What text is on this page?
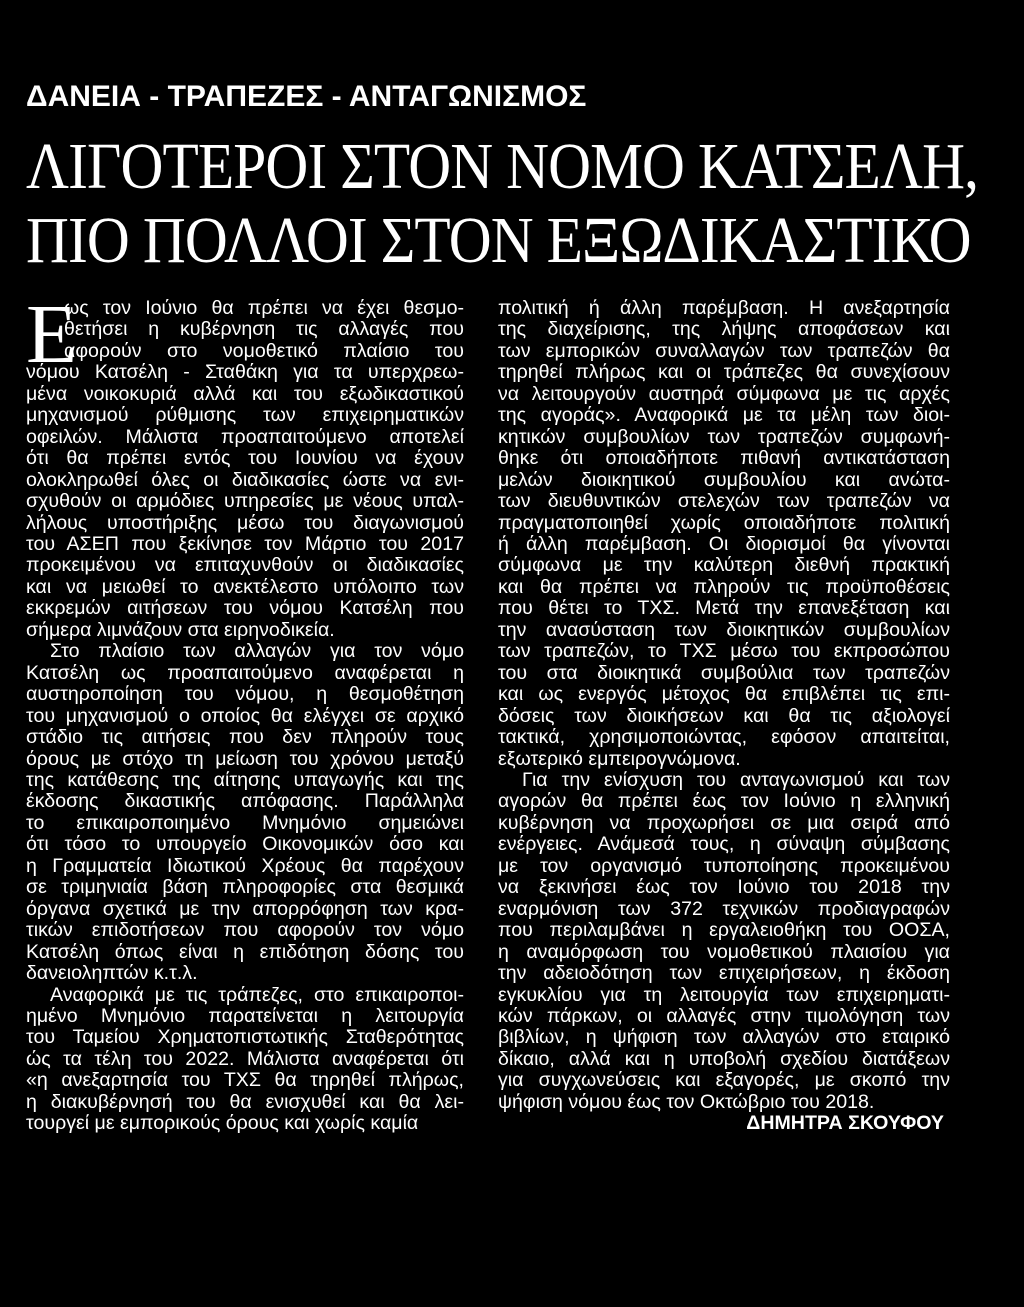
ΔΑΝΕΙΑ - ΤΡΑΠΕΖΕΣ - ΑΝΤΑΓΩΝΙΣΜΟΣ
ΛΙΓΟΤΕΡΟΙ ΣΤΟΝ ΝΟΜΟ ΚΑΤΣΕΛΗ,
ΠΙΟ ΠΟΛΛΟΙ ΣΤΟΝ ΕΞΩΔΙΚΑΣΤΙΚΟ
Ε
ως τον Ιούνιο θα πρέπει να έχει θεσμο-
θετήσει η κυβέρνηση τις αλλαγές που
αφορούν στο νομοθετικό πλαίσιο του
νόμου Κατσέλη - Σταθάκη για τα υπερχρεω-
μένα νοικοκυριά αλλά και του εξωδικαστικού
μηχανισμού ρύθμισης των επιχειρηματικών
οφειλών. Μάλιστα προαπαιτούμενο αποτελεί
ότι θα πρέπει εντός του Ιουνίου να έχουν
ολοκληρωθεί όλες οι διαδικασίες ώστε να ενι-
σχυθούν οι αρμόδιες υπηρεσίες με νέους υπαλ-
λήλους υποστήριξης μέσω του διαγωνισμού
του ΑΣΕΠ που ξεκίνησε τον Μάρτιο του 2017
προκειμένου να επιταχυνθούν οι διαδικασίες
και να μειωθεί το ανεκτέλεστο υπόλοιπο των
εκκρεμών αιτήσεων του νόμου Κατσέλη που
σήμερα λιμνάζουν στα ειρηνοδικεία.
Στο πλαίσιο των αλλαγών για τον νόμο
Κατσέλη ως προαπαιτούμενο αναφέρεται η
αυστηροποίηση του νόμου, η θεσμοθέτηση
του μηχανισμού ο οποίος θα ελέγχει σε αρχικό
στάδιο τις αιτήσεις που δεν πληρούν τους
όρους με στόχο τη μείωση του χρόνου μεταξύ
της κατάθεσης της αίτησης υπαγωγής και της
έκδοσης δικαστικής απόφασης. Παράλληλα
το επικαιροποιημένο Μνημόνιο σημειώνει
ότι τόσο το υπουργείο Οικονομικών όσο και
η Γραμματεία Ιδιωτικού Χρέους θα παρέχουν
σε τριμηνιαία βάση πληροφορίες στα θεσμικά
όργανα σχετικά με την απορρόφηση των κρα-
τικών επιδοτήσεων που αφορούν τον νόμο
Κατσέλη όπως είναι η επιδότηση δόσης του
δανειοληπτών κ.τ.λ.
Αναφορικά με τις τράπεζες, στο επικαιροποι-
ημένο Μνημόνιο παρατείνεται η λειτουργία
του Ταμείου Χρηματοπιστωτικής Σταθερότητας
ώς τα τέλη του 2022. Μάλιστα αναφέρεται ότι
«η ανεξαρτησία του ΤΧΣ θα τηρηθεί πλήρως,
η διακυβέρνησή του θα ενισχυθεί και θα λει-
τουργεί με εμπορικούς όρους και χωρίς καμία
πολιτική ή άλλη παρέμβαση. Η ανεξαρτησία
της διαχείρισης, της λήψης αποφάσεων και
των εμπορικών συναλλαγών των τραπεζών θα
τηρηθεί πλήρως και οι τράπεζες θα συνεχίσουν
να λειτουργούν αυστηρά σύμφωνα με τις αρχές
της αγοράς». Αναφορικά με τα μέλη των διοι-
κητικών συμβουλίων των τραπεζών συμφωνή-
θηκε ότι οποιαδήποτε πιθανή αντικατάσταση
μελών διοικητικού συμβουλίου και ανώτα-
των διευθυντικών στελεχών των τραπεζών να
πραγματοποιηθεί χωρίς οποιαδήποτε πολιτική
ή άλλη παρέμβαση. Οι διορισμοί θα γίνονται
σύμφωνα με την καλύτερη διεθνή πρακτική
και θα πρέπει να πληρούν τις προϋποθέσεις
που θέτει το ΤΧΣ. Μετά την επανεξέταση και
την ανασύσταση των διοικητικών συμβουλίων
των τραπεζών, το ΤΧΣ μέσω του εκπροσώπου
του στα διοικητικά συμβούλια των τραπεζών
και ως ενεργός μέτοχος θα επιβλέπει τις επι-
δόσεις των διοικήσεων και θα τις αξιολογεί
τακτικά, χρησιμοποιώντας, εφόσον απαιτείται,
εξωτερικό εμπειρογνώμονα.
Για την ενίσχυση του ανταγωνισμού και των
αγορών θα πρέπει έως τον Ιούνιο η ελληνική
κυβέρνηση να προχωρήσει σε μια σειρά από
ενέργειες. Ανάμεσά τους, η σύναψη σύμβασης
με τον οργανισμό τυποποίησης προκειμένου
να ξεκινήσει έως τον Ιούνιο του 2018 την
εναρμόνιση των 372 τεχνικών προδιαγραφών
που περιλαμβάνει η εργαλειοθήκη του ΟΟΣΑ,
η αναμόρφωση του νομοθετικού πλαισίου για
την αδειοδότηση των επιχειρήσεων, η έκδοση
εγκυκλίου για τη λειτουργία των επιχειρηματι-
κών πάρκων, οι αλλαγές στην τιμολόγηση των
βιβλίων, η ψήφιση των αλλαγών στο εταιρικό
δίκαιο, αλλά και η υποβολή σχεδίου διατάξεων
για συγχωνεύσεις και εξαγορές, με σκοπό την
ψήφιση νόμου έως τον Οκτώβριο του 2018.
ΔΗΜΗΤΡΑ ΣΚΟΥΦΟΥ
